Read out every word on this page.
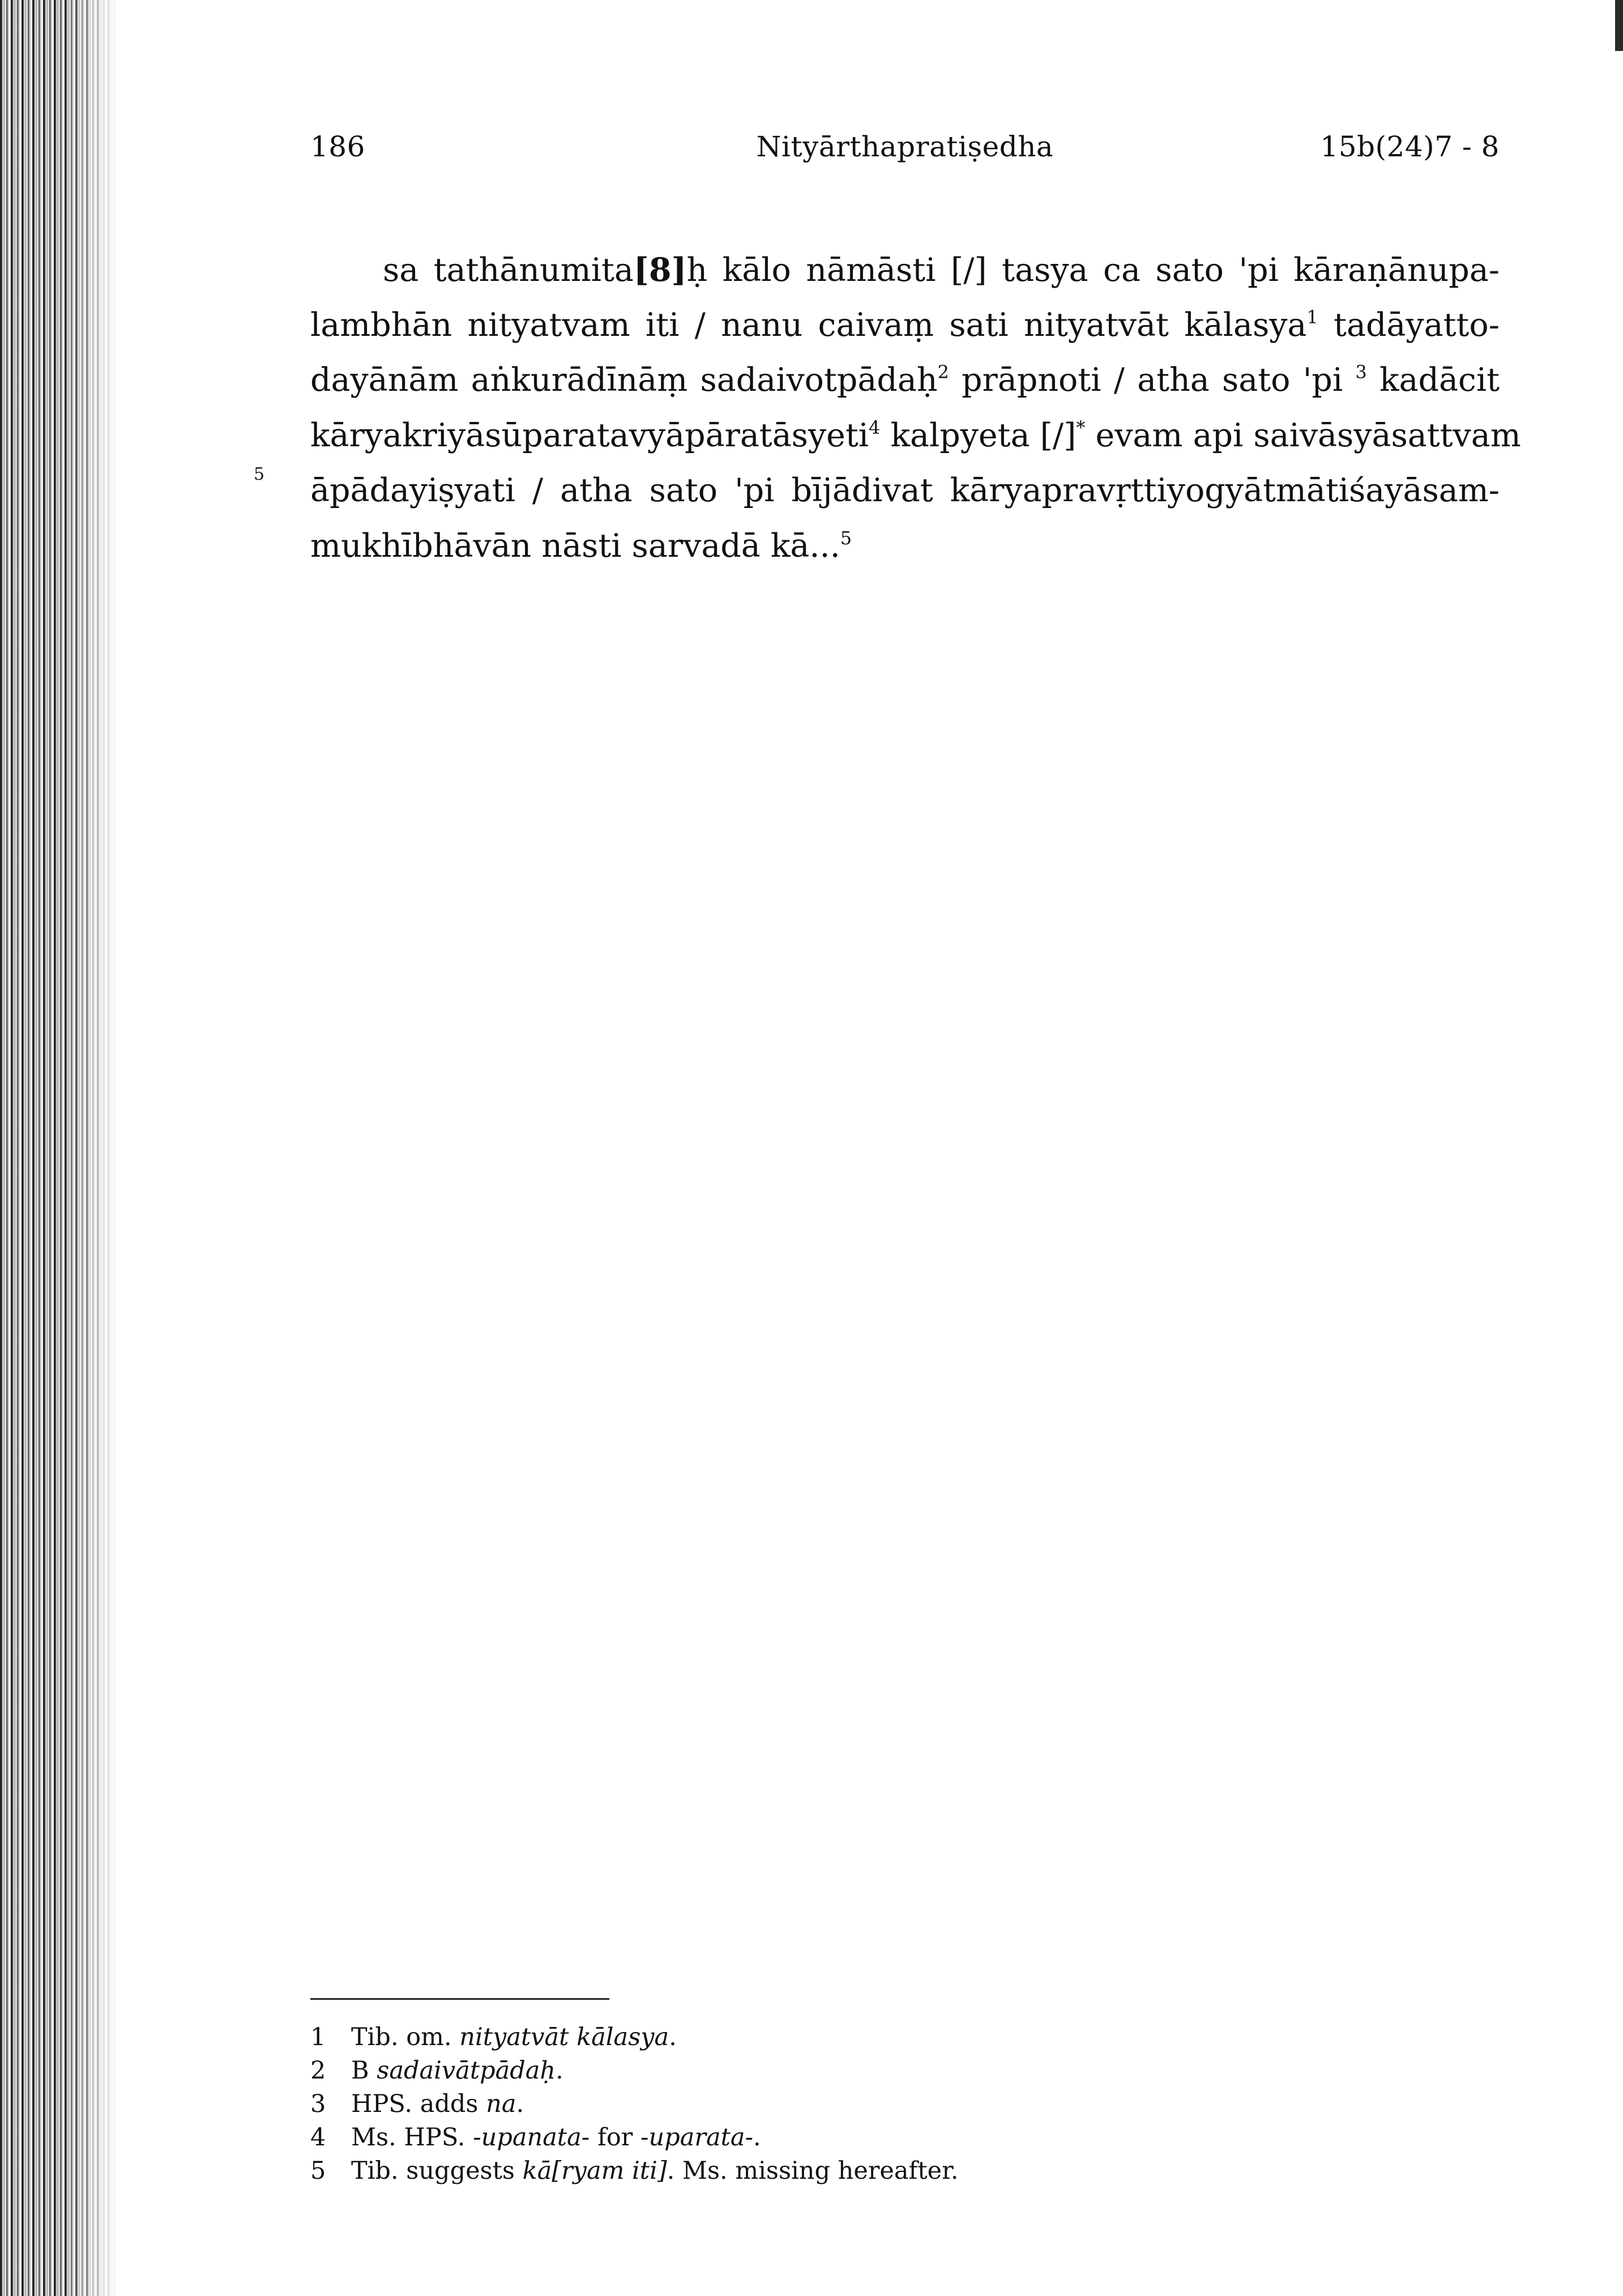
186	Nityārthapratiṣedha	15b(24)7 - 8
5
sa tathānumita[8]ḥ kālo nāmāsti [/] tasya ca sato 'pi kāraṇānupa-
lambhān nityatvam iti / nanu caivaṃ sati nityatvāt kālasya$^1$ tadāyatto-
dayānām aṅkurādīnāṃ sadaivotpādaḥ$^2$ prāpnoti / atha sato 'pi $^3$ kadācit
kāryakriyāsūparatavyāpāratāsyeti$^4$ kalpyeta [/]* evam api saivāsyāsattvam
āpādayiṣyati / atha sato 'pi bījādivat kāryapravṛttiyogyātmātiśayāsam-
mukhībhāvān nāsti sarvadā kā...$^5$
1 Tib. om. nityatvāt kālasya.
2 B sadaivātpādaḥ.
3 HPS. adds na.
4 Ms. HPS. -upanata- for -uparata-.
5 Tib. suggests kā[ryam iti]. Ms. missing hereafter.
